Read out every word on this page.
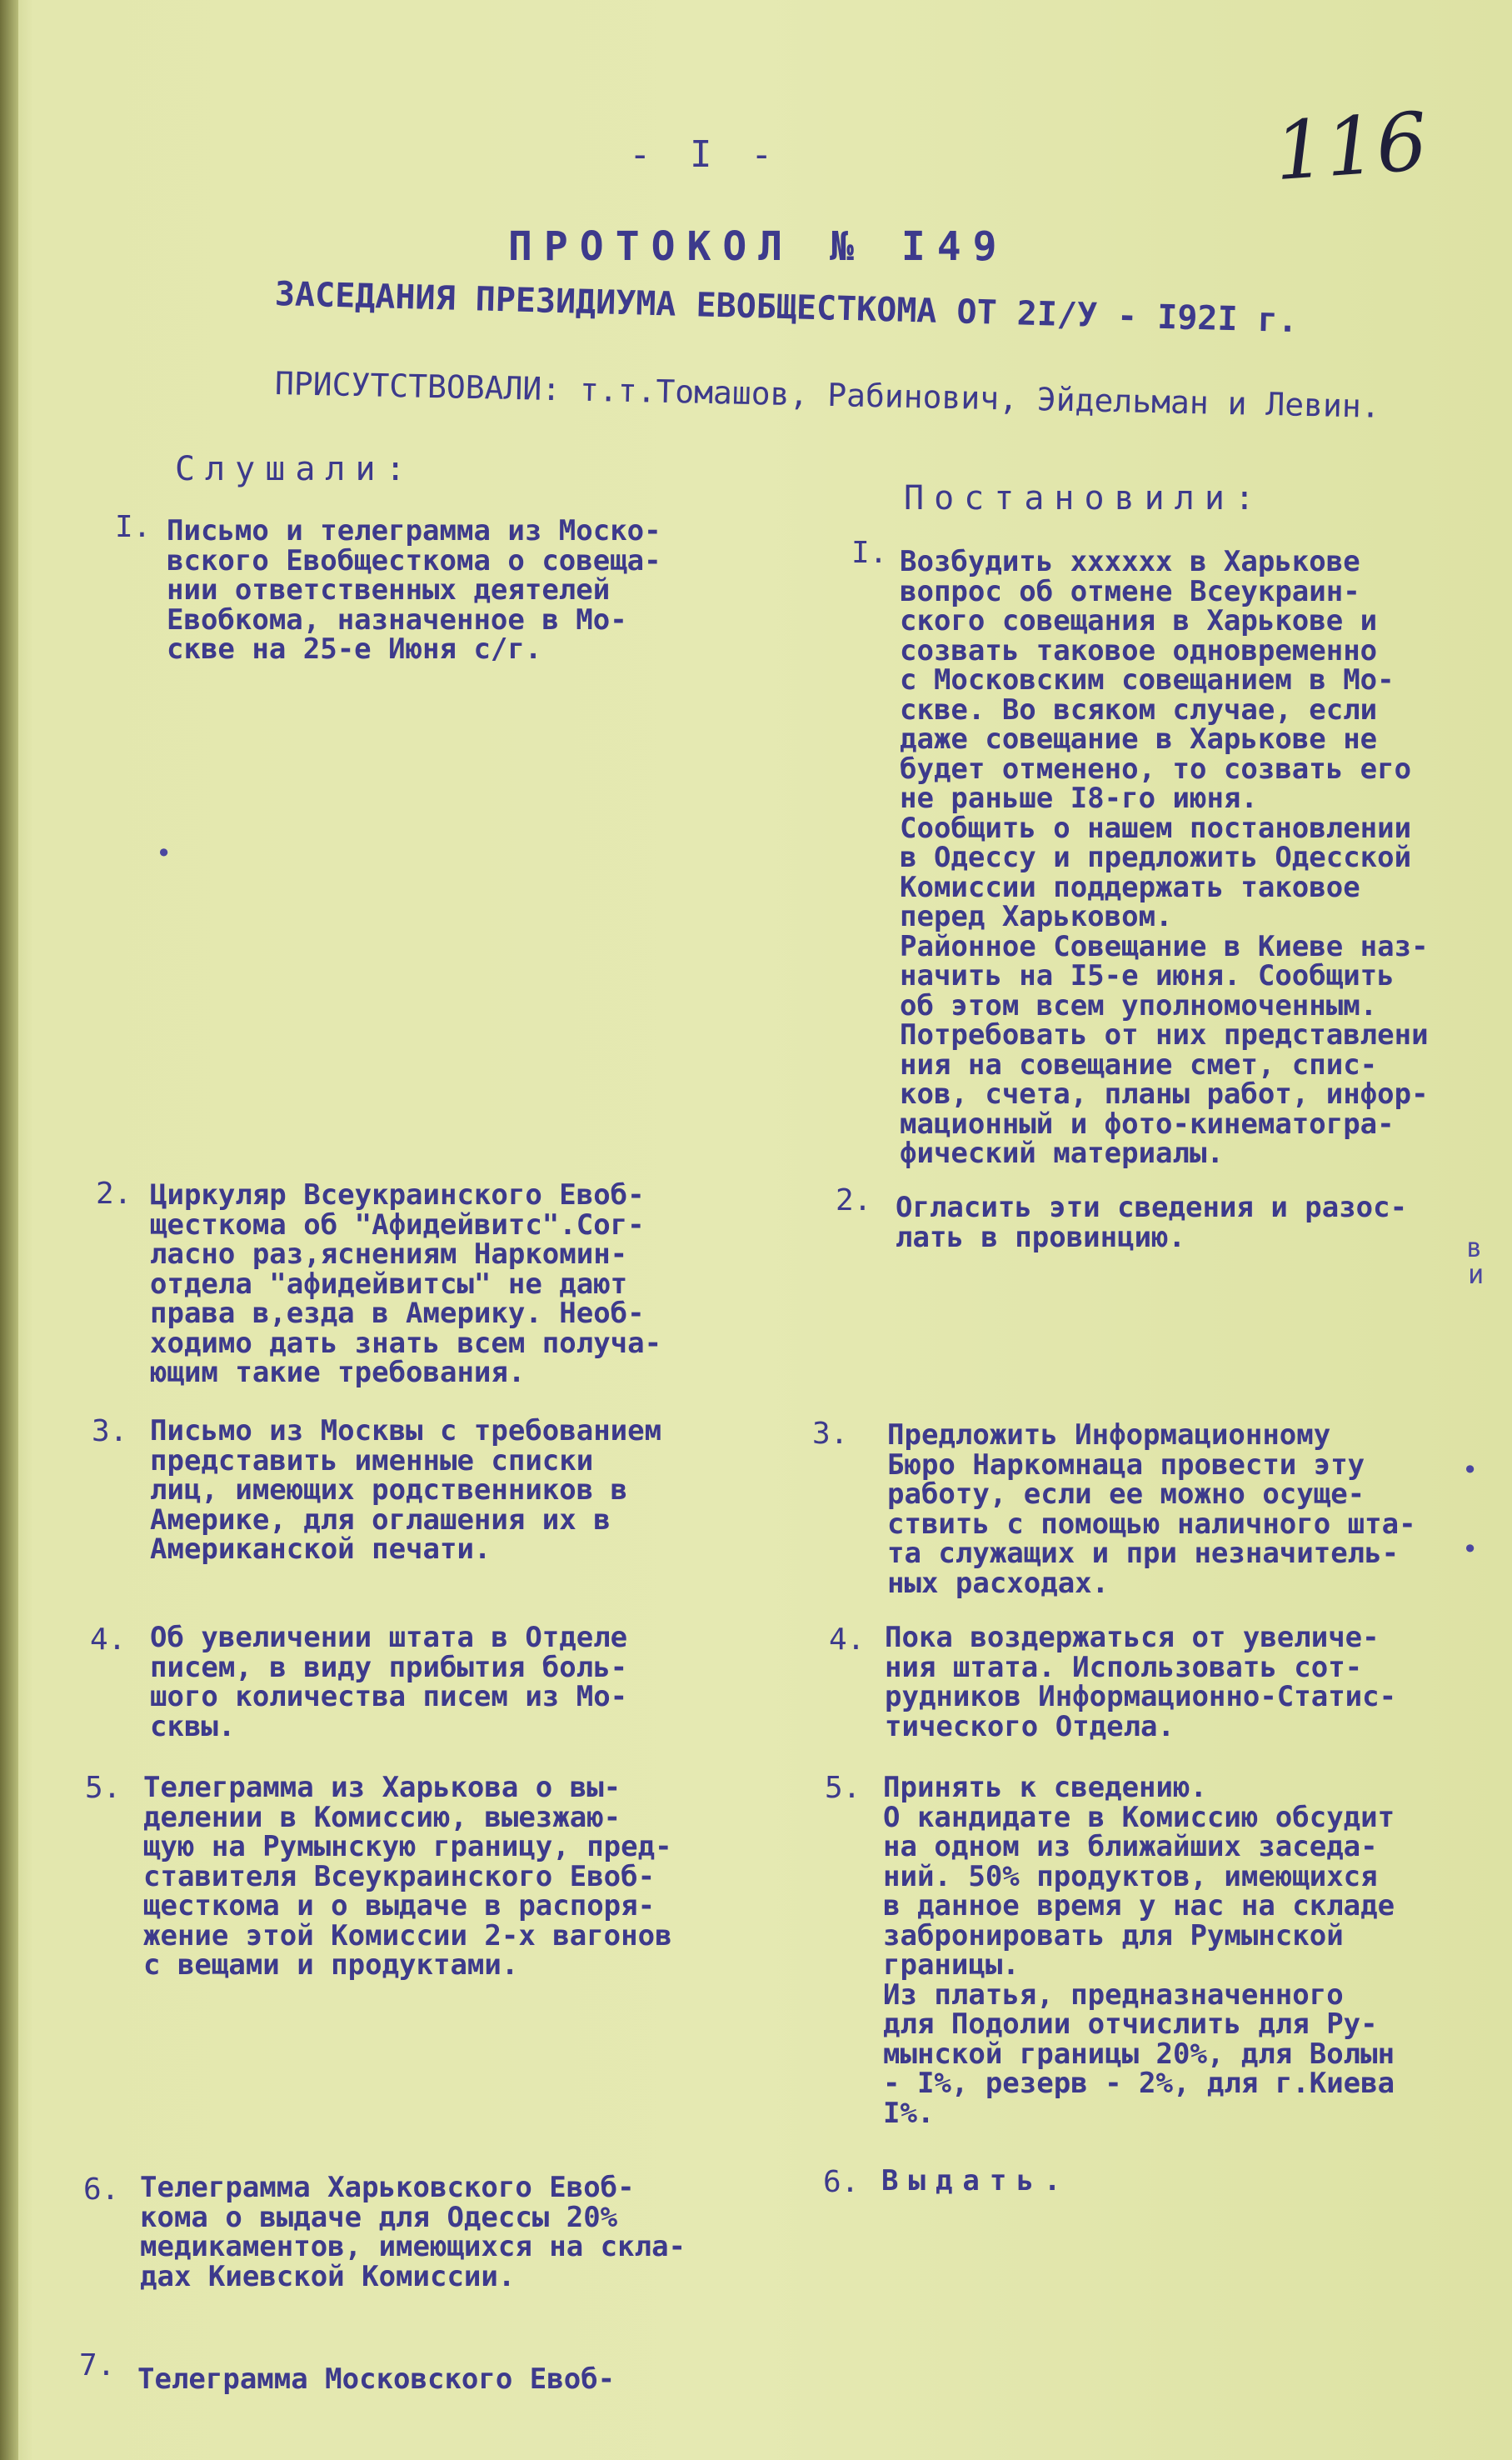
- I -	116
ПРОТОКОЛ № I49
ЗАСЕДАНИЯ ПРЕЗИДИУМА ЕВОБЩЕСТКОМА ОТ 2I/У - I92I г.
ПРИСУТСТВОВАЛИ: т.т.Томашов, Рабинович, Эйдельман и Левин.
Слушали:
Постановили:
I. Письмо и телеграмма из Моско-
вского Евобщесткома о совеща-
нии ответственных деятелей
Евобкома, назначенное в Мо-
скве на 25-е Июня с/г.
I. Возбудить xxxxxx в Харькове
вопрос об отмене Всеукраин-
ского совещания в Харькове и
созвать таковое одновременно
с Московским совещанием в Мо-
скве. Во всяком случае, если
даже совещание в Харькове не
будет отменено, то созвать его
не раньше I8-го июня.
Сообщить о нашем постановлении
в Одессу и предложить Одесской
Комиссии поддержать таковое
перед Харьковом.
Районное Совещание в Киеве наз-
начить на I5-е июня. Сообщить
об этом всем уполномоченным.
Потребовать от них представлени
ния на совещание смет, спис-
ков, счета, планы работ, инфор-
мационный и фото-кинематогра-
фический материалы.
2. Циркуляр Всеукраинского Евоб-
щесткома об "Афидейвитс".Сог-
ласно раз,яснениям Наркомин-
отдела "афидейвитсы" не дают
права в,езда в Америку. Необ-
ходимо дать знать всем получа-
ющим такие требования.
2. Огласить эти сведения и разос-
лать в провинцию.
3. Письмо из Москвы с требованием
представить именные списки
лиц, имеющих родственников в
Америке, для оглашения их в
Американской печати.
3. Предложить Информационному
Бюро Наркомнаца провести эту
работу, если ее можно осуще-
ствить с помощью наличного шта-
та служащих и при незначитель-
ных расходах.
4. Об увеличении штата в Отделе
писем, в виду прибытия боль-
шого количества писем из Мо-
сквы.
4. Пока воздержаться от увеличе-
ния штата. Использовать сот-
рудников Информационно-Статис-
тического Отдела.
5. Телеграмма из Харькова о вы-
делении в Комиссию, выезжаю-
щую на Румынскую границу, пред-
ставителя Всеукраинского Евоб-
щесткома и о выдаче в распоря-
жение этой Комиссии 2-х вагонов
с вещами и продуктами.
5. Принять к сведению.
О кандидате в Комиссию обсудит
на одном из ближайших заседа-
ний. 50% продуктов, имеющихся
в данное время у нас на складе
забронировать для Румынской
границы.
Из платья, предназначенного
для Подолии отчислить для Ру-
мынской границы 20%, для Волын
- I%, резерв - 2%, для г.Киева
I%.
6. Телеграмма Харьковского Евоб-
кома о выдаче для Одессы 20%
медикаментов, имеющихся на скла-
дах Киевской Комиссии.
6. Выдать.
7. Телеграмма Московского Евоб-
•
в
и
•
•
